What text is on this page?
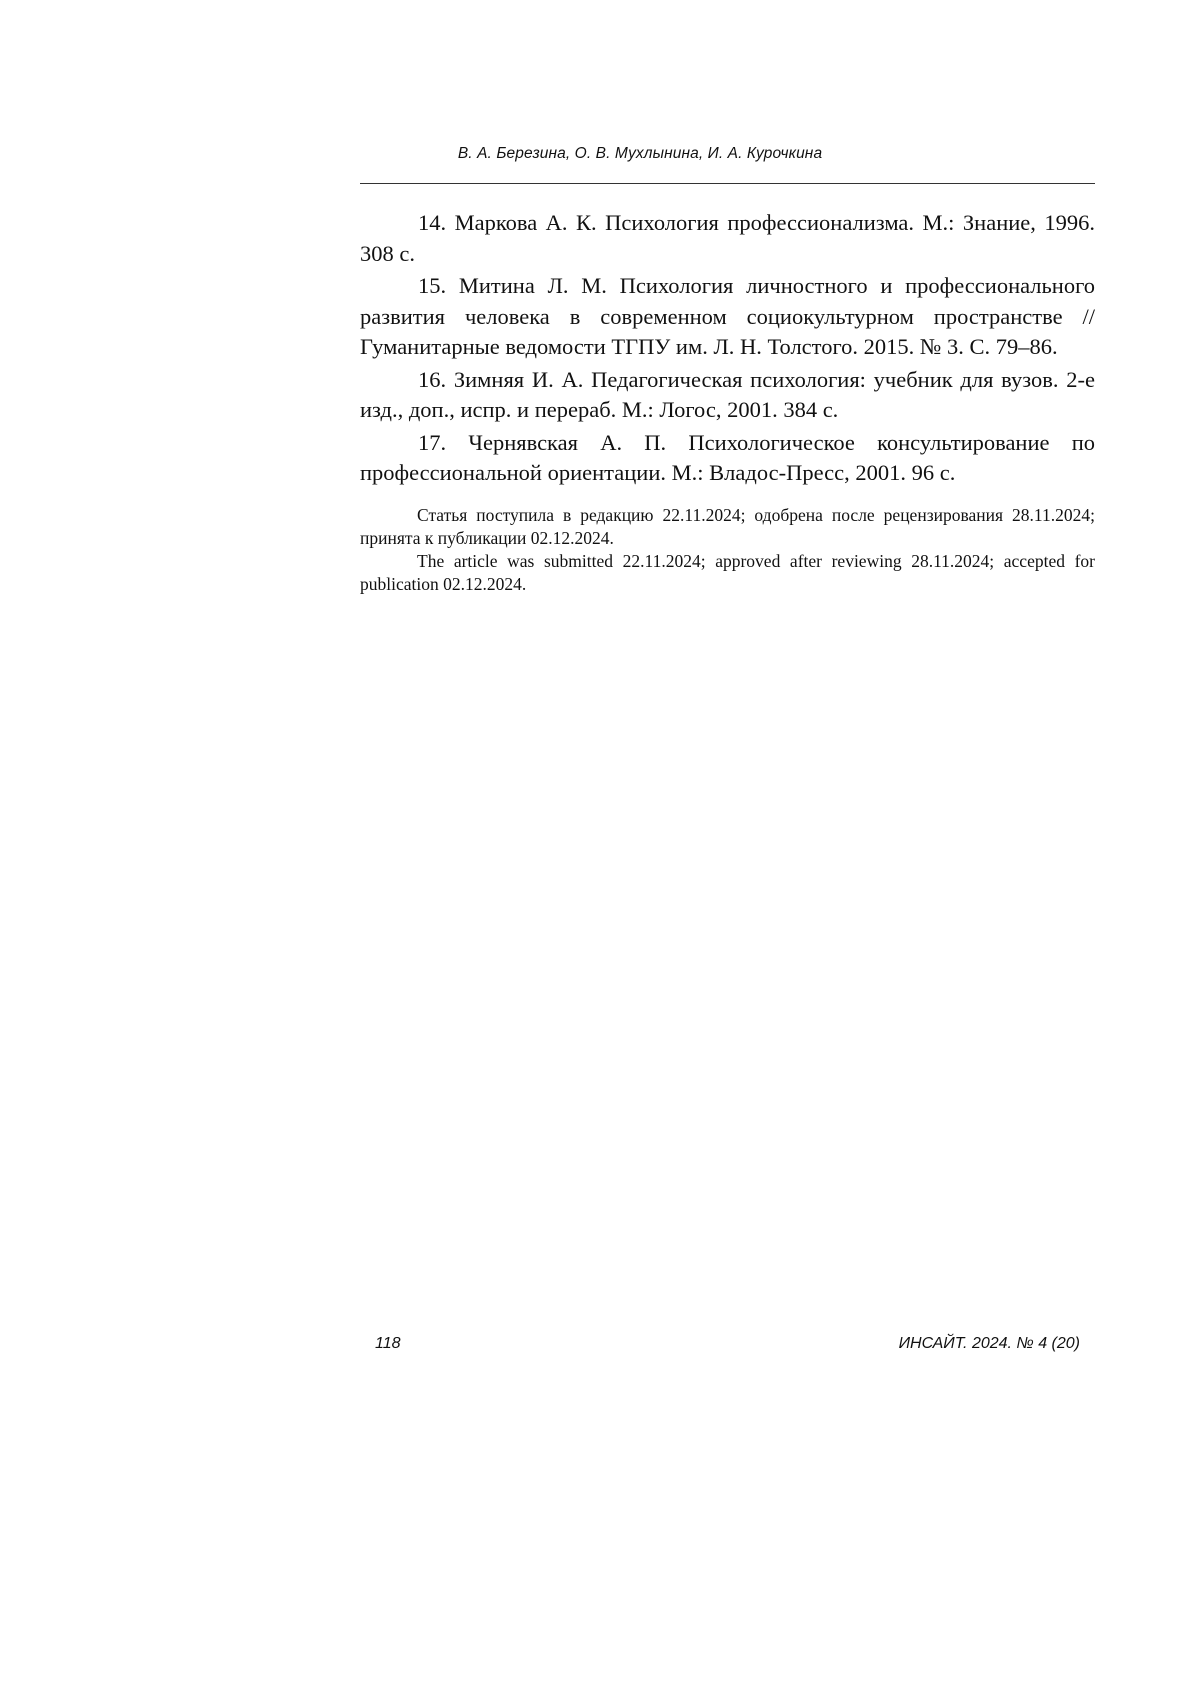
В. А. Березина, О. В. Мухлынина, И. А. Курочкина

14. Маркова А. К. Психология профессионализма. М.: Знание, 1996. 308 с.

15. Митина Л. М. Психология личностного и профессионального развития человека в современном социокультурном пространстве // Гуманитарные ведомости ТГПУ им. Л. Н. Толстого. 2015. № 3. С. 79–86.

16. Зимняя И. А. Педагогическая психология: учебник для вузов. 2-е изд., доп., испр. и перераб. М.: Логос, 2001. 384 с.

17. Чернявская А. П. Психологическое консультирование по профессиональной ориентации. М.: Владос-Пресс, 2001. 96 с.

Статья поступила в редакцию 22.11.2024; одобрена после рецензирования 28.11.2024; принята к публикации 02.12.2024.

The article was submitted 22.11.2024; approved after reviewing 28.11.2024; accepted for publication 02.12.2024.

118	ИНСАЙТ. 2024. № 4 (20)
